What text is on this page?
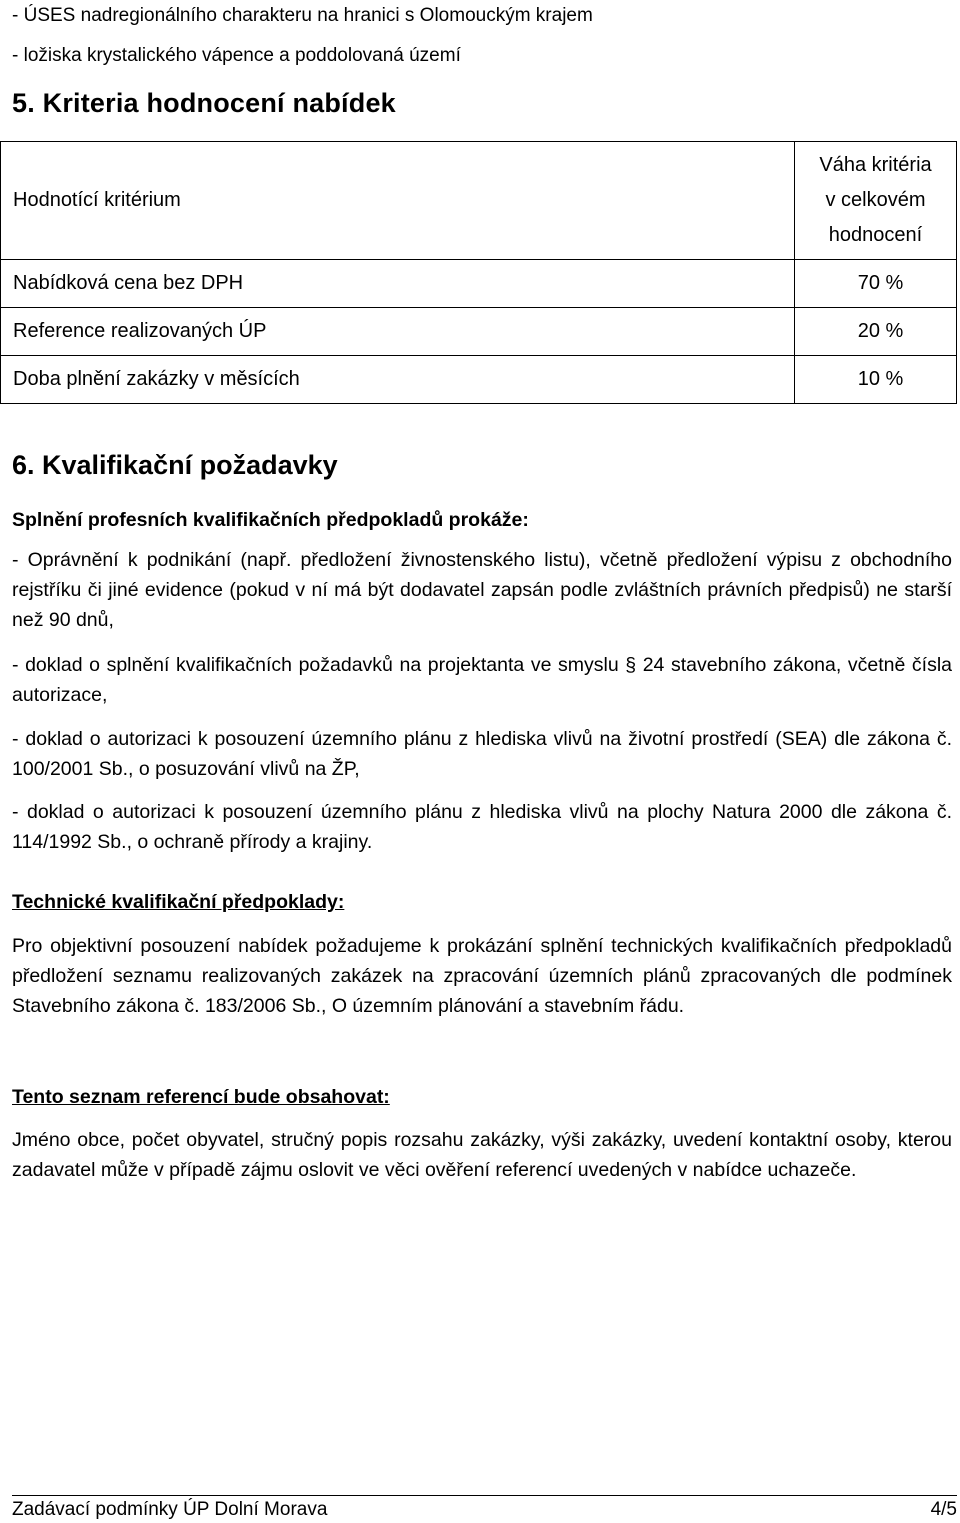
- ÚSES nadregionálního charakteru na hranici s Olomouckým krajem
- ložiska krystalického vápence a poddolovaná území
5. Kriteria hodnocení nabídek
Hodnotící kritérium	Váha kritéria
v celkovém
hodnocení

Nabídková cena bez DPH	70 %
Reference realizovaných ÚP	20 %
Doba plnění zakázky v měsících	10 %
6. Kvalifikační požadavky
Splnění profesních kvalifikačních předpokladů prokáže:
- Oprávnění k podnikání (např. předložení živnostenského listu), včetně předložení výpisu z obchodního rejstříku či jiné evidence (pokud v ní má být dodavatel zapsán podle zvláštních právních předpisů) ne starší než 90 dnů,
- doklad o splnění kvalifikačních požadavků na projektanta ve smyslu § 24 stavebního zákona, včetně čísla autorizace,
- doklad o autorizaci k posouzení územního plánu z hlediska vlivů na životní prostředí (SEA) dle zákona č. 100/2001 Sb., o posuzování vlivů na ŽP,
- doklad o autorizaci k posouzení územního plánu z hlediska vlivů na plochy Natura 2000 dle zákona č. 114/1992 Sb., o ochraně přírody a krajiny.
Technické kvalifikační předpoklady:
Pro objektivní posouzení nabídek požadujeme k prokázání splnění technických kvalifikačních předpokladů předložení seznamu realizovaných zakázek na zpracování územních plánů zpracovaných dle podmínek Stavebního zákona č. 183/2006 Sb., O územním plánování a stavebním řádu.
Tento seznam referencí bude obsahovat:
Jméno obce, počet obyvatel, stručný popis rozsahu zakázky, výši zakázky, uvedení kontaktní osoby, kterou zadavatel může v případě zájmu oslovit ve věci ověření referencí uvedených v nabídce uchazeče.
Zadávací podmínky ÚP Dolní Morava	4/5
